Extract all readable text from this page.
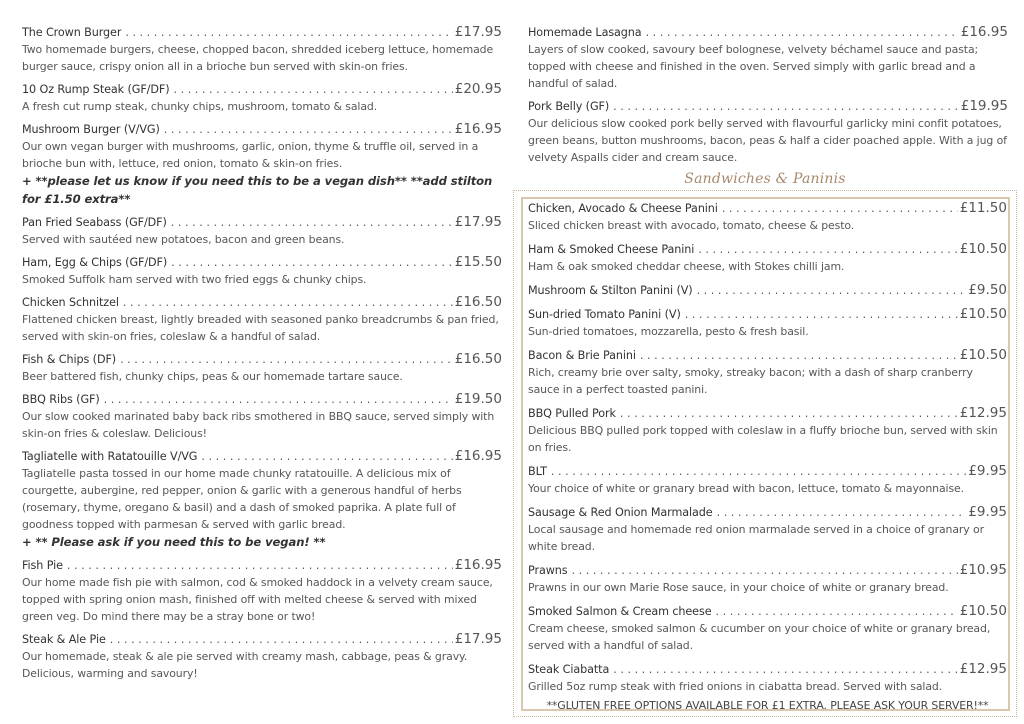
The Crown Burger . . .	£17.95
Two homemade burgers, cheese, chopped bacon, shredded iceberg lettuce, homemade burger sauce, crispy onion all in a brioche bun served with skin-on fries.
10 Oz Rump Steak (GF/DF) . . .	£20.95
A fresh cut rump steak, chunky chips, mushroom, tomato & salad.
Mushroom Burger (V/VG) . . .	£16.95
Our own vegan burger with mushrooms, garlic, onion, thyme & truffle oil, served in a brioche bun with, lettuce, red onion, tomato & skin-on fries.
+ **please let us know if you need this to be a vegan dish** **add stilton for £1.50 extra**
Pan Fried Seabass (GF/DF) . . .	£17.95
Served with sautéed new potatoes, bacon and green beans.
Ham, Egg & Chips (GF/DF) . . .	£15.50
Smoked Suffolk ham served with two fried eggs & chunky chips.
Chicken Schnitzel . . .	£16.50
Flattened chicken breast, lightly breaded with seasoned panko breadcrumbs & pan fried, served with skin-on fries, coleslaw & a handful of salad.
Fish & Chips (DF) . . .	£16.50
Beer battered fish, chunky chips, peas & our homemade tartare sauce.
BBQ Ribs (GF) . . .	£19.50
Our slow cooked marinated baby back ribs smothered in BBQ sauce, served simply with skin-on fries & coleslaw. Delicious!
Tagliatelle with Ratatouille V/VG . . .	£16.95
Tagliatelle pasta tossed in our home made chunky ratatouille. A delicious mix of courgette, aubergine, red pepper, onion & garlic with a generous handful of herbs (rosemary, thyme, oregano & basil) and a dash of smoked paprika. A plate full of goodness topped with parmesan & served with garlic bread.
+ ** Please ask if you need this to be vegan! **
Fish Pie . . .	£16.95
Our home made fish pie with salmon, cod & smoked haddock in a velvety cream sauce, topped with spring onion mash, finished off with melted cheese & served with mixed green veg. Do mind there may be a stray bone or two!
Steak & Ale Pie . . .	£17.95
Our homemade, steak & ale pie served with creamy mash, cabbage, peas & gravy. Delicious, warming and savoury!
Homemade Lasagna . . .	£16.95
Layers of slow cooked, savoury beef bolognese, velvety béchamel sauce and pasta; topped with cheese and finished in the oven. Served simply with garlic bread and a handful of salad.
Pork Belly (GF) . . .	£19.95
Our delicious slow cooked pork belly served with flavourful garlicky mini confit potatoes, green beans, button mushrooms, bacon, peas & half a cider poached apple. With a jug of velvety Aspalls cider and cream sauce.
Sandwiches & Paninis
Chicken, Avocado & Cheese Panini . . .	£11.50
Sliced chicken breast with avocado, tomato, cheese & pesto.
Ham & Smoked Cheese Panini . . .	£10.50
Ham & oak smoked cheddar cheese, with Stokes chilli jam.
Mushroom & Stilton Panini (V) . . .	£9.50
Sun-dried Tomato Panini (V) . . .	£10.50
Sun-dried tomatoes, mozzarella, pesto & fresh basil.
Bacon & Brie Panini . . .	£10.50
Rich, creamy brie over salty, smoky, streaky bacon; with a dash of sharp cranberry sauce in a perfect toasted panini.
BBQ Pulled Pork . . .	£12.95
Delicious BBQ pulled pork topped with coleslaw in a fluffy brioche bun, served with skin on fries.
BLT . . .	£9.95
Your choice of white or granary bread with bacon, lettuce, tomato & mayonnaise.
Sausage & Red Onion Marmalade . . .	£9.95
Local sausage and homemade red onion marmalade served in a choice of granary or white bread.
Prawns . . .	£10.95
Prawns in our own Marie Rose sauce, in your choice of white or granary bread.
Smoked Salmon & Cream cheese . . .	£10.50
Cream cheese, smoked salmon & cucumber on your choice of white or granary bread, served with a handful of salad.
Steak Ciabatta . . .	£12.95
Grilled 5oz rump steak with fried onions in ciabatta bread. Served with salad.
**GLUTEN FREE OPTIONS AVAILABLE FOR £1 EXTRA. PLEASE ASK YOUR SERVER!**
